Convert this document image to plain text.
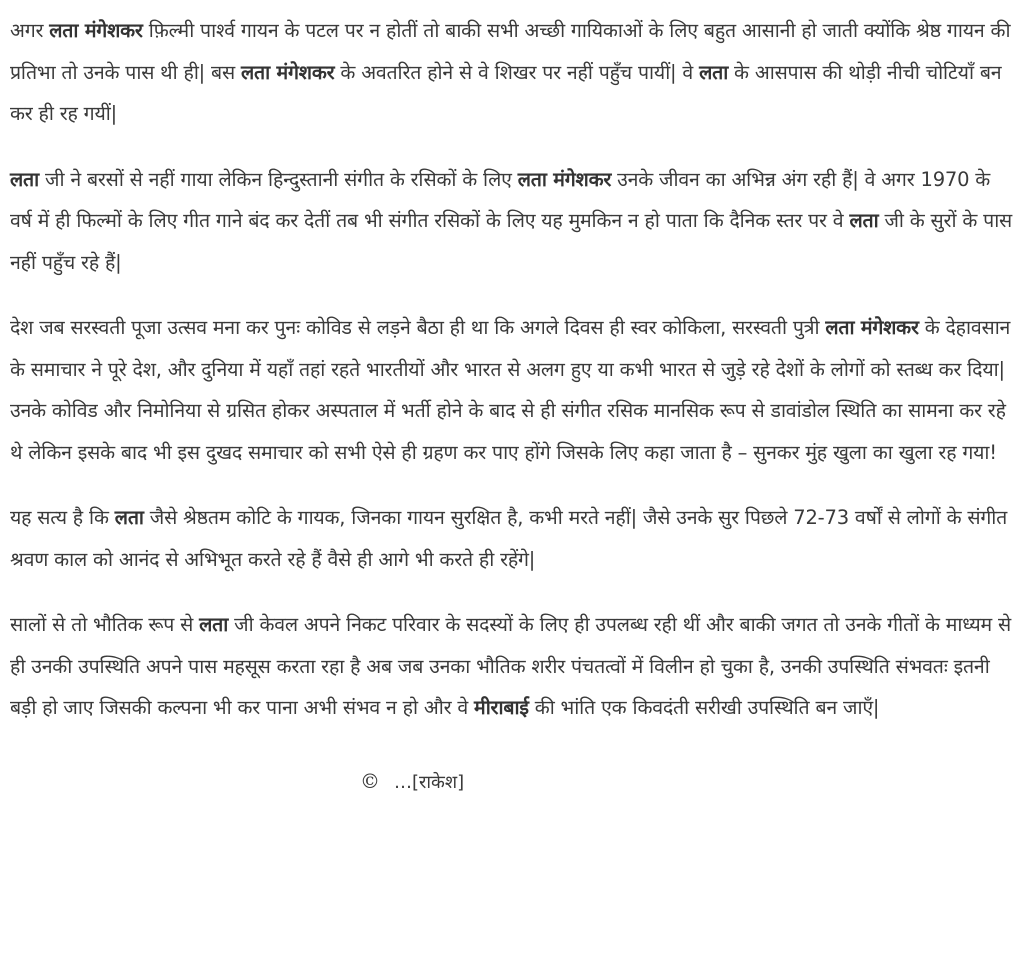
अगर लता मंगेशकर फ़िल्मी पार्श्व गायन के पटल पर न होतीं तो बाकी सभी अच्छी गायिकाओं के लिए बहुत आसानी हो जाती क्योंकि श्रेष्ठ गायन की प्रतिभा तो उनके पास थी ही| बस लता मंगेशकर के अवतरित होने से वे शिखर पर नहीं पहुँच पायीं| वे लता के आसपास की थोड़ी नीची चोटियाँ बन कर ही रह गयीं|

लता जी ने बरसों से नहीं गाया लेकिन हिन्दुस्तानी संगीत के रसिकों के लिए लता मंगेशकर उनके जीवन का अभिन्न अंग रही हैं| वे अगर 1970 के वर्ष में ही फिल्मों के लिए गीत गाने बंद कर देतीं तब भी संगीत रसिकों के लिए यह मुमकिन न हो पाता कि दैनिक स्तर पर वे लता जी के सुरों के पास नहीं पहुँच रहे हैं|

देश जब सरस्वती पूजा उत्सव मना कर पुनः कोविड से लड़ने बैठा ही था कि अगले दिवस ही स्वर कोकिला, सरस्वती पुत्री लता मंगेशकर के देहावसान के समाचार ने पूरे देश, और दुनिया में यहाँ तहां रहते भारतीयों और भारत से अलग हुए या कभी भारत से जुड़े रहे देशों के लोगों को स्तब्ध कर दिया| उनके कोविड और निमोनिया से ग्रसित होकर अस्पताल में भर्ती होने के बाद से ही संगीत रसिक मानसिक रूप से डावांडोल स्थिति का सामना कर रहे थे लेकिन इसके बाद भी इस दुखद समाचार को सभी ऐसे ही ग्रहण कर पाए होंगे जिसके लिए कहा जाता है – सुनकर मुंह खुला का खुला रह गया!

यह सत्य है कि लता जैसे श्रेष्ठतम कोटि के गायक, जिनका गायन सुरक्षित है, कभी मरते नहीं| जैसे उनके सुर पिछले 72-73 वर्षों से लोगों के संगीत श्रवण काल को आनंद से अभिभूत करते रहे हैं वैसे ही आगे भी करते ही रहेंगे|

सालों से तो भौतिक रूप से लता जी केवल अपने निकट परिवार के सदस्यों के लिए ही उपलब्ध रही थीं और बाकी जगत तो उनके गीतों के माध्यम से ही उनकी उपस्थिति अपने पास महसूस करता रहा है अब जब उनका भौतिक शरीर पंचतत्वों में विलीन हो चुका है, उनकी उपस्थिति संभवतः इतनी बड़ी हो जाए जिसकी कल्पना भी कर पाना अभी संभव न हो और वे मीराबाई की भांति एक किवदंती सरीखी उपस्थिति बन जाएँ|

© …[राकेश]
